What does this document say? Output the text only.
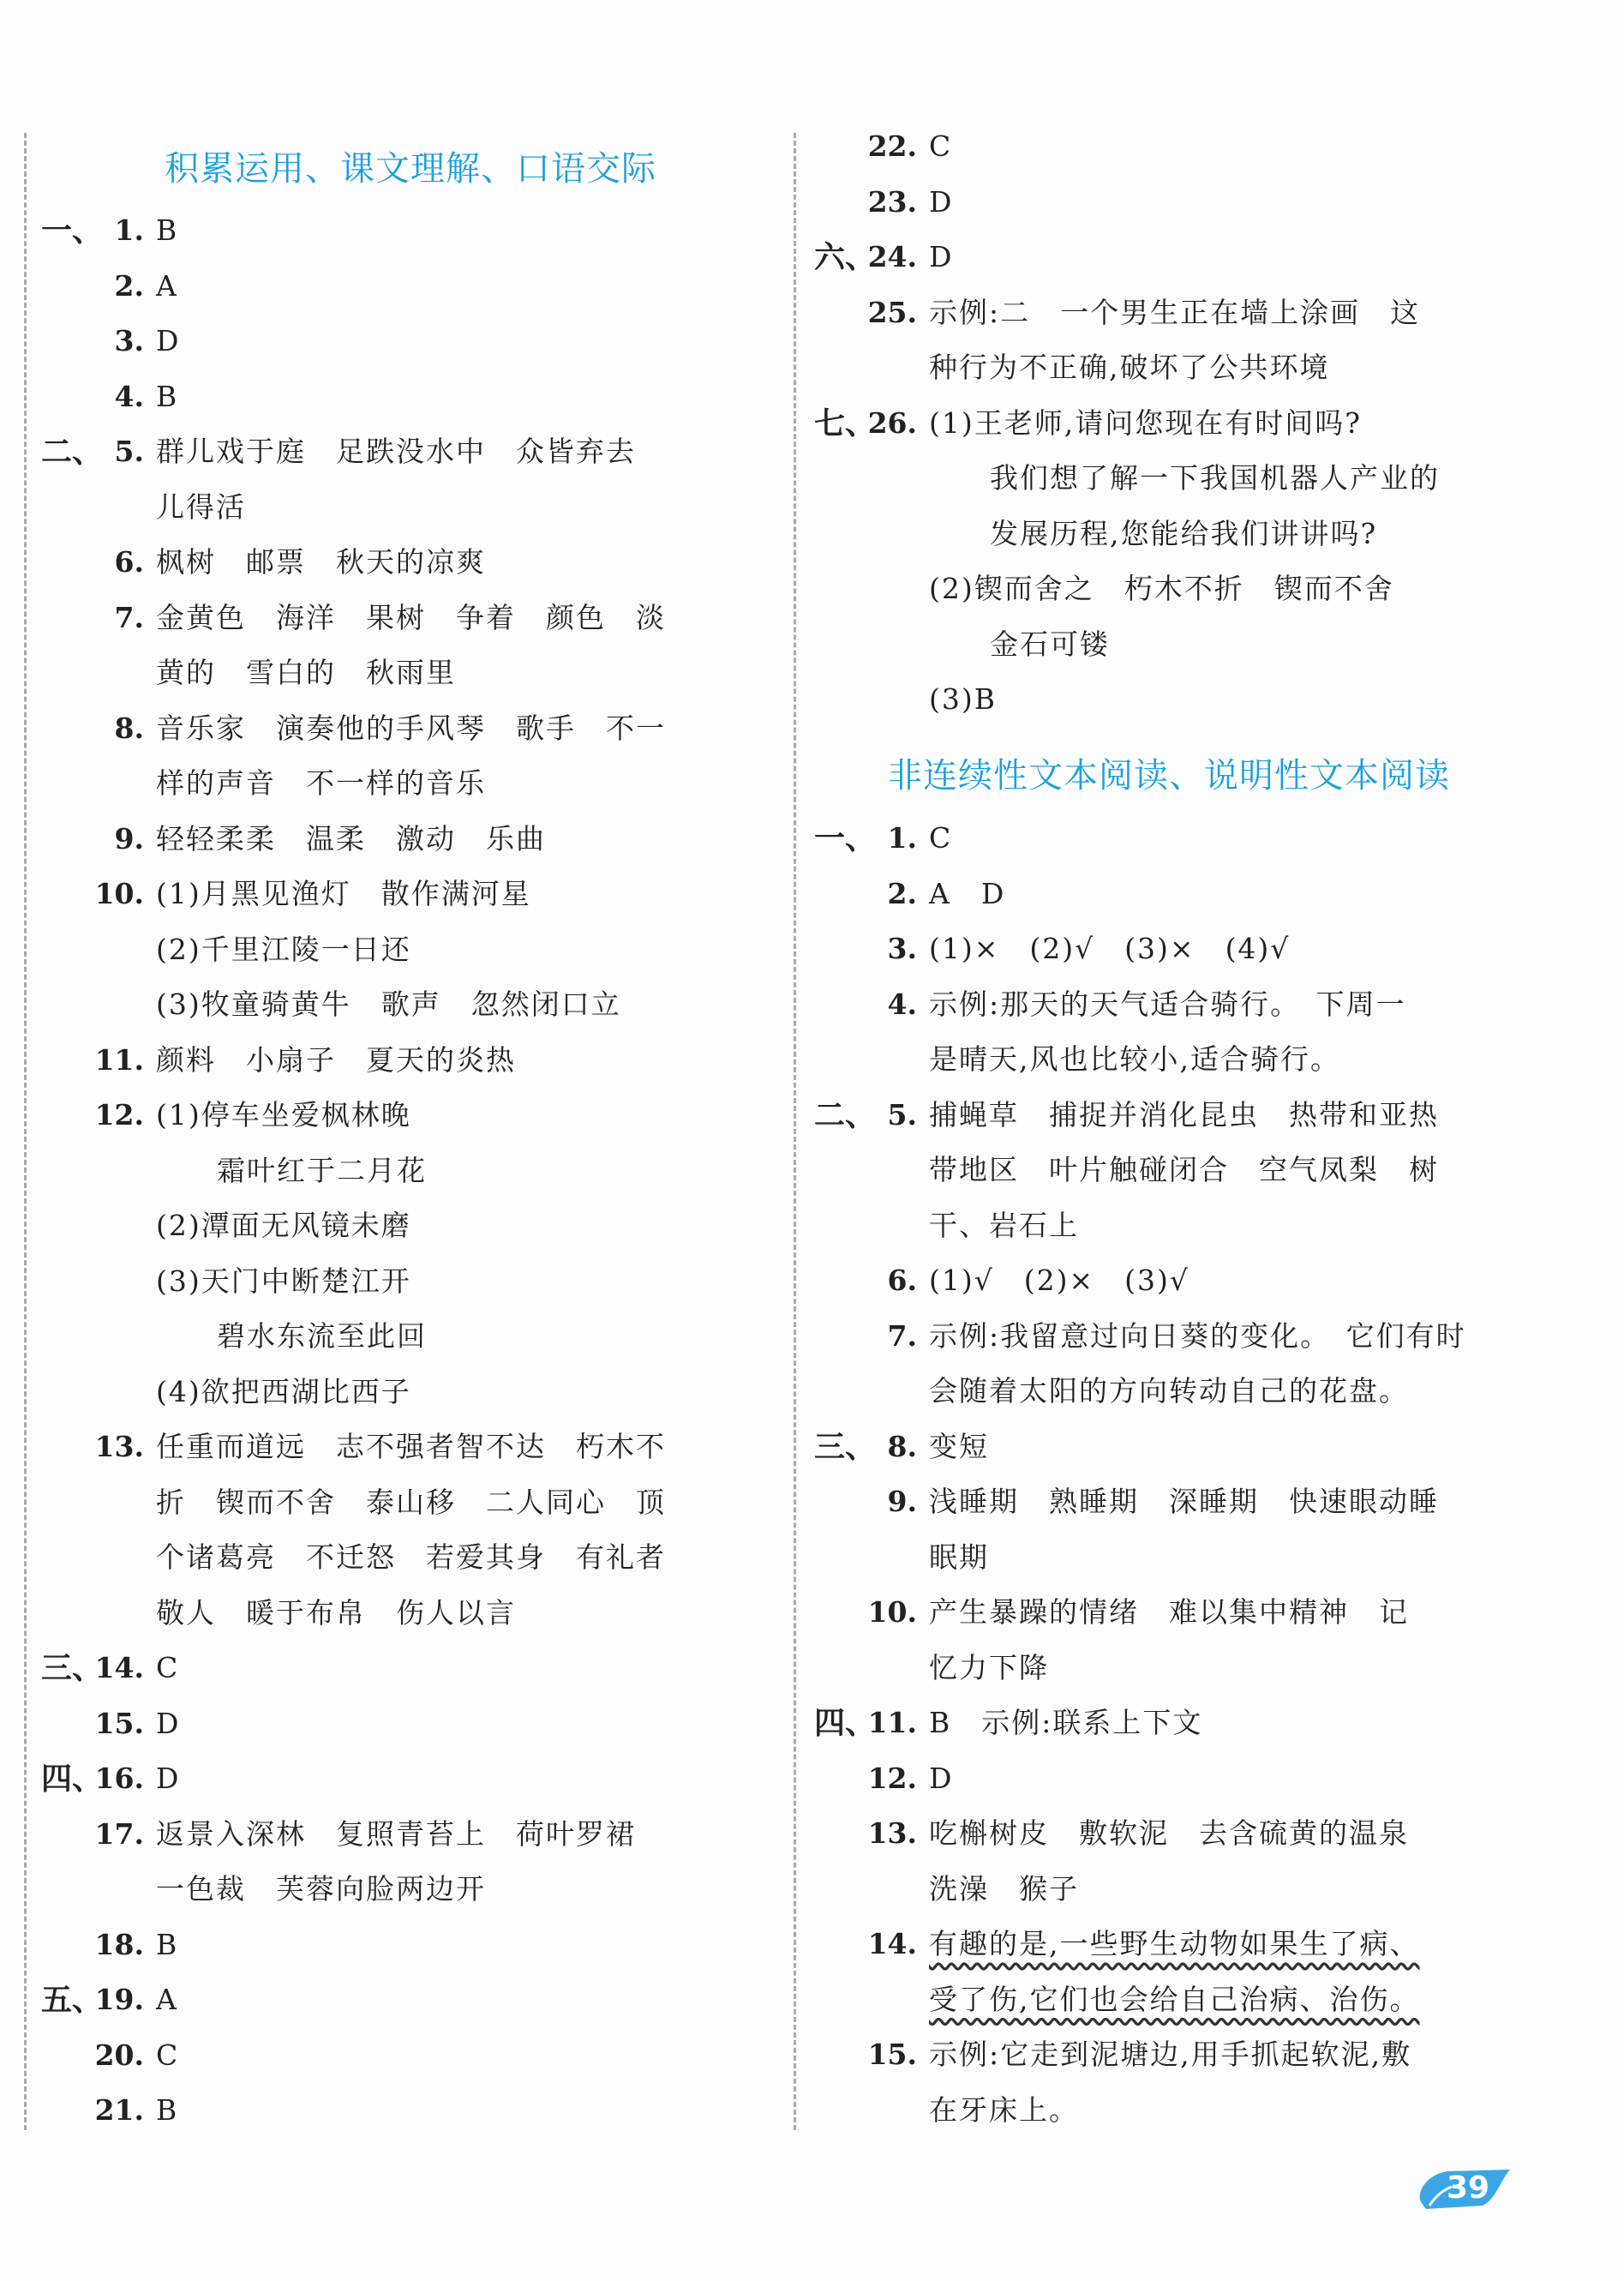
积累运用、课文理解、口语交际
非连续性文本阅读、说明性文本阅读
一、 1. B
2. A
3. D
4. B
二、 5. 群儿戏于庭　足跌没水中　众皆弃去
儿得活
6. 枫树　邮票　秋天的凉爽
7. 金黄色　海洋　果树　争着　颜色　淡
黄的　雪白的　秋雨里
8. 音乐家　演奏他的手风琴　歌手　不一
样的声音　不一样的音乐
9. 轻轻柔柔　温柔　激动　乐曲
10. (1)月黑见渔灯　散作满河星
(2)千里江陵一日还
(3)牧童骑黄牛　歌声　忽然闭口立
11. 颜料　小扇子　夏天的炎热
12. (1)停车坐爱枫林晚
霜叶红于二月花
(2)潭面无风镜未磨
(3)天门中断楚江开
碧水东流至此回
(4)欲把西湖比西子
13. 任重而道远　志不强者智不达　朽木不
折　锲而不舍　泰山移　二人同心　顶
个诸葛亮　不迁怒　若爱其身　有礼者
敬人　暖于布帛　伤人以言
三、
14. C
15. D
四、
16. D
17. 返景入深林　复照青苔上　荷叶罗裙
一色裁　芙蓉向脸两边开
18. B
五、
19. A
20. C
21. B
22. C
23. D
六、
24. D
25. 示例:二　一个男生正在墙上涂画　这
种行为不正确,破坏了公共环境
七、
26. (1)王老师,请问您现在有时间吗?
我们想了解一下我国机器人产业的
发展历程,您能给我们讲讲吗?
(2)锲而舍之　朽木不折　锲而不舍
金石可镂
(3)B
一、 1. C
2. A　D
3. (1)×　(2)√　(3)×　(4)√
4. 示例:那天的天气适合骑行。　下周一
是晴天,风也比较小,适合骑行。
二、 5. 捕蝇草　捕捉并消化昆虫　热带和亚热
带地区　叶片触碰闭合　空气凤梨　树
干、岩石上
6. (1)√　(2)×　(3)√
7. 示例:我留意过向日葵的变化。　它们有时
会随着太阳的方向转动自己的花盘。
三、 8. 变短
9. 浅睡期　熟睡期　深睡期　快速眼动睡
眠期
10. 产生暴躁的情绪　难以集中精神　记
忆力下降
四、
11. B　示例:联系上下文
12. D
13. 吃槲树皮　敷软泥　去含硫黄的温泉
洗澡　猴子
14. 有趣的是,一些野生动物如果生了病、
受了伤,它们也会给自己治病、治伤。
15. 示例:它走到泥塘边,用手抓起软泥,敷
在牙床上。
39
